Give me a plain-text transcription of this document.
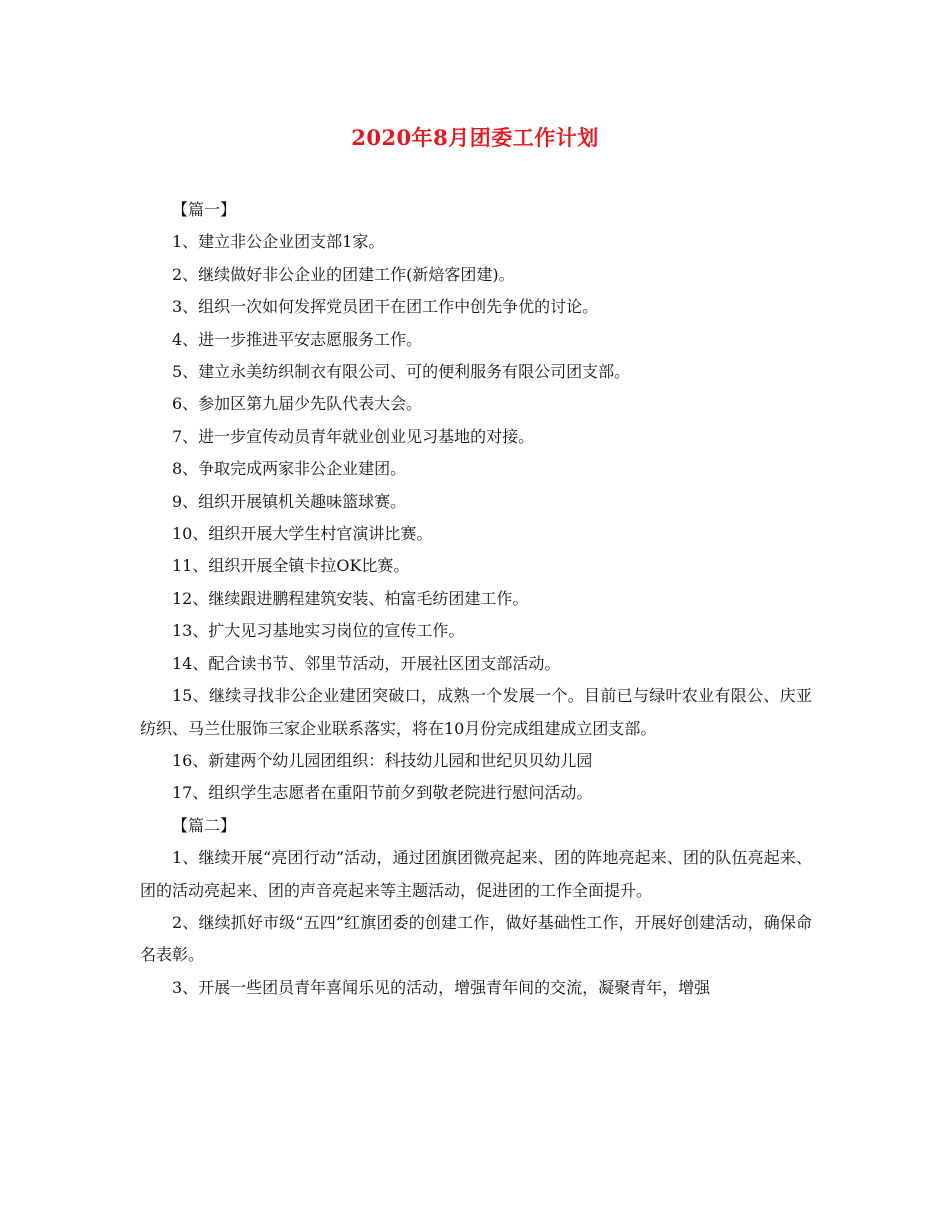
2020年8月团委工作计划

【篇一】

1、建立非公企业团支部1家。

2、继续做好非公企业的团建工作(新焙客团建)。

3、组织一次如何发挥党员团干在团工作中创先争优的讨论。

4、进一步推进平安志愿服务工作。

5、建立永美纺织制衣有限公司、可的便利服务有限公司团支部。

6、参加区第九届少先队代表大会。

7、进一步宣传动员青年就业创业见习基地的对接。

8、争取完成两家非公企业建团。

9、组织开展镇机关趣味篮球赛。

10、组织开展大学生村官演讲比赛。

11、组织开展全镇卡拉OK比赛。

12、继续跟进鹏程建筑安装、柏富毛纺团建工作。

13、扩大见习基地实习岗位的宣传工作。

14、配合读书节、邻里节活动，开展社区团支部活动。

15、继续寻找非公企业建团突破口，成熟一个发展一个。目前已与绿叶农业有限公、庆亚纺织、马兰仕服饰三家企业联系落实，将在10月份完成组建成立团支部。

16、新建两个幼儿园团组织：科技幼儿园和世纪贝贝幼儿园

17、组织学生志愿者在重阳节前夕到敬老院进行慰问活动。

【篇二】

1、继续开展“亮团行动”活动，通过团旗团微亮起来、团的阵地亮起来、团的队伍亮起来、团的活动亮起来、团的声音亮起来等主题活动，促进团的工作全面提升。

2、继续抓好市级“五四”红旗团委的创建工作，做好基础性工作，开展好创建活动，确保命名表彰。

3、开展一些团员青年喜闻乐见的活动，增强青年间的交流，凝聚青年，增强
